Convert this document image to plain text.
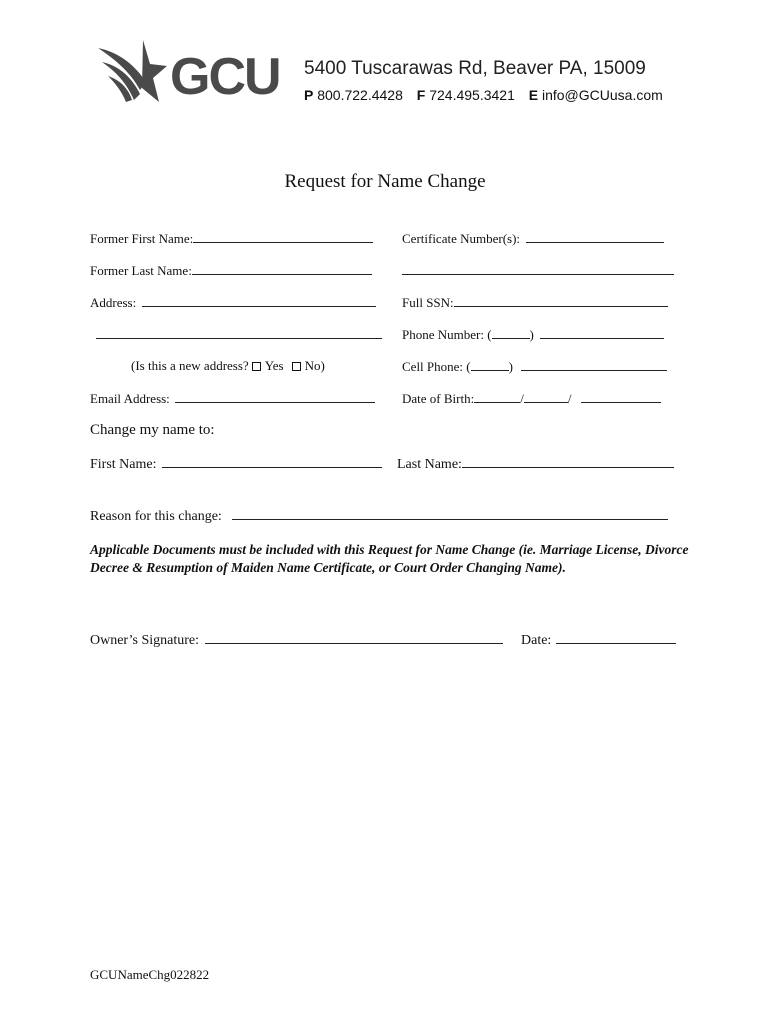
GCU 5400 Tuscarawas Rd, Beaver PA, 15009
P 800.722.4428 F 724.495.3421 E info@GCUusa.com
Request for Name Change
Former First Name:	Certificate Number(s):
Former Last Name:
Address:	Full SSN:
Phone Number: (	)
(Is this a new address? Yes No)	Cell Phone: (	)
Email Address:	Date of Birth:	/	/
Change my name to:
First Name:	Last Name:
Reason for this change:
Applicable Documents must be included with this Request for Name Change (ie. Marriage License, Divorce Decree & Resumption of Maiden Name Certificate, or Court Order Changing Name).
Owner’s Signature:	Date:
GCUNameChg022822
